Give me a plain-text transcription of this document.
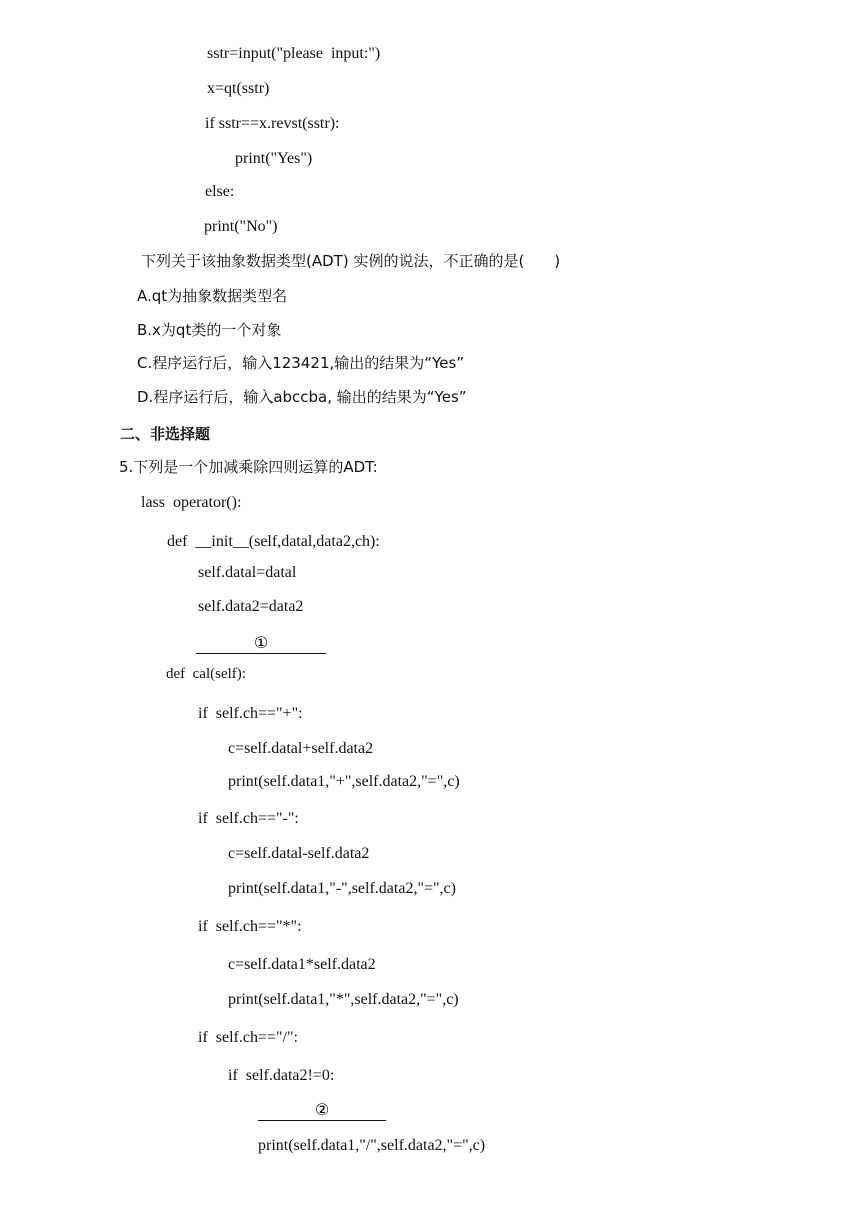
sstr=input("please  input:")
x=qt(sstr)
if sstr==x.revst(sstr):
print("Yes")
else:
print("No")
下列关于该抽象数据类型(ADT) 实例的说法，不正确的是(　　)
A.qt为抽象数据类型名
B.x为qt类的一个对象
C.程序运行后，输入123421,输出的结果为“Yes”
D.程序运行后，输入abccba, 输出的结果为“Yes”
二、非选择题
5.下列是一个加减乘除四则运算的ADT:
lass  operator():
def  __init__(self,datal,data2,ch):
self.datal=datal
self.data2=data2
①
def  cal(self):
if  self.ch=="+":
c=self.datal+self.data2
print(self.data1,"+",self.data2,"=",c)
if  self.ch=="-":
c=self.datal-self.data2
print(self.data1,"-",self.data2,"=",c)
if  self.ch=="*":
c=self.data1*self.data2
print(self.data1,"*",self.data2,"=",c)
if  self.ch=="/":
if  self.data2!=0:
②
print(self.data1,"/",self.data2,"=",c)
